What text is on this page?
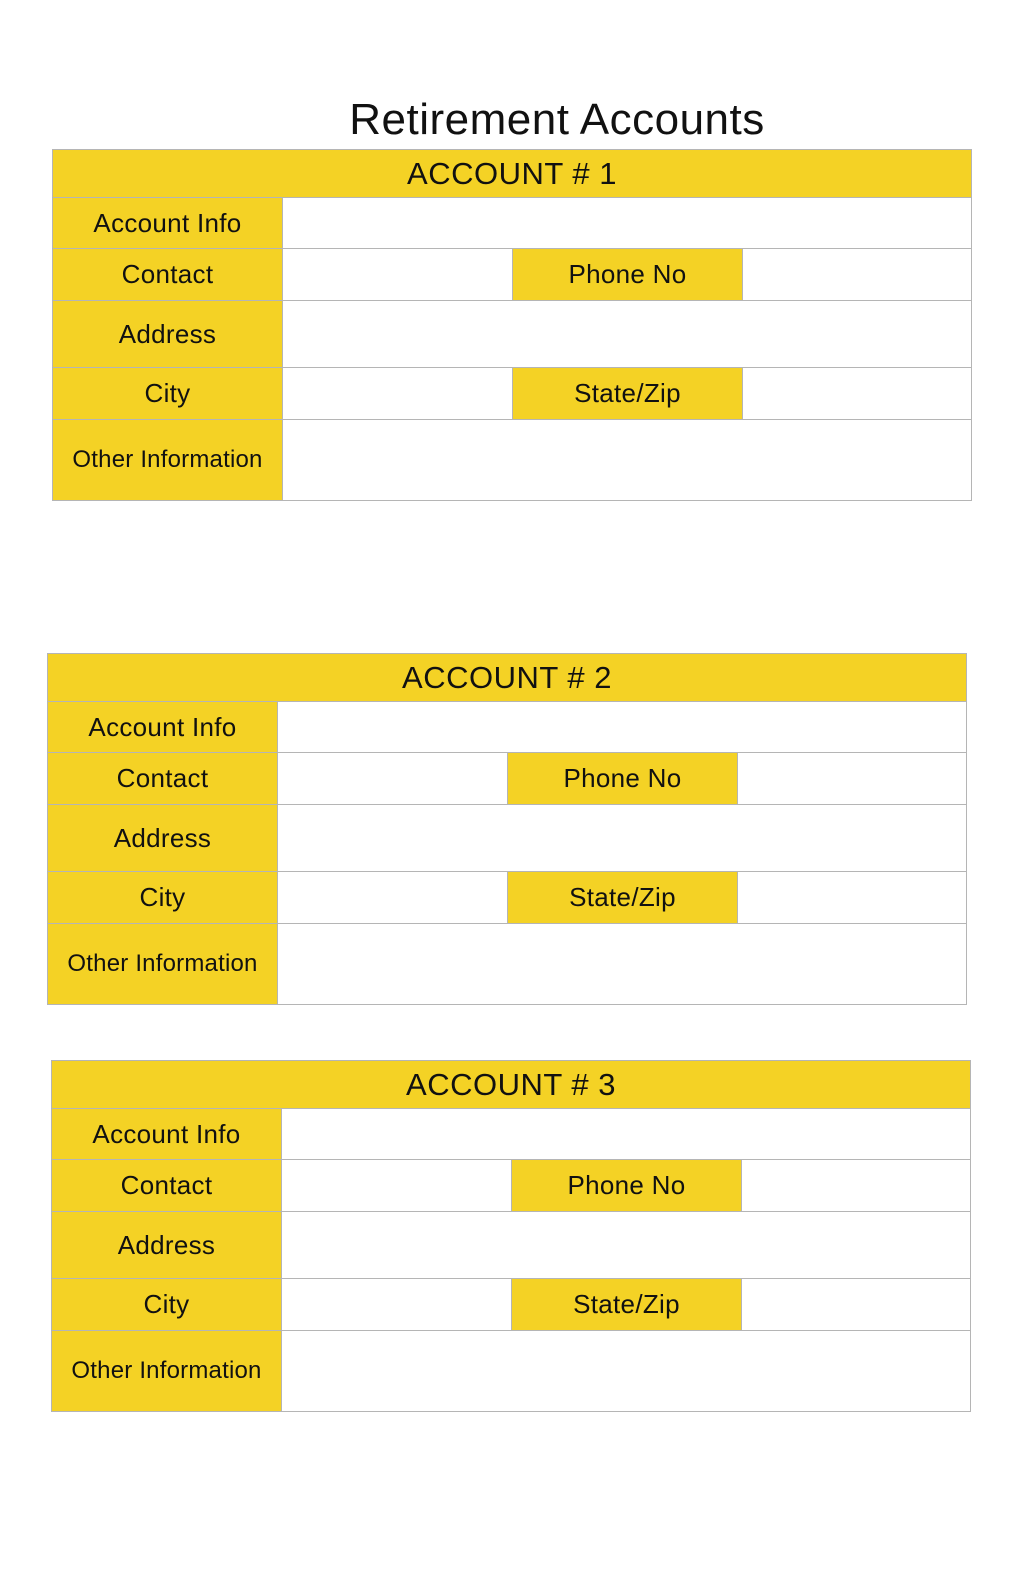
Retirement Accounts
ACCOUNT # 1
Account Info
Contact	Phone No
Address
City	State/Zip
Other Information
ACCOUNT # 2
Account Info
Contact	Phone No
Address
City	State/Zip
Other Information
ACCOUNT # 3
Account Info
Contact	Phone No
Address
City	State/Zip
Other Information
